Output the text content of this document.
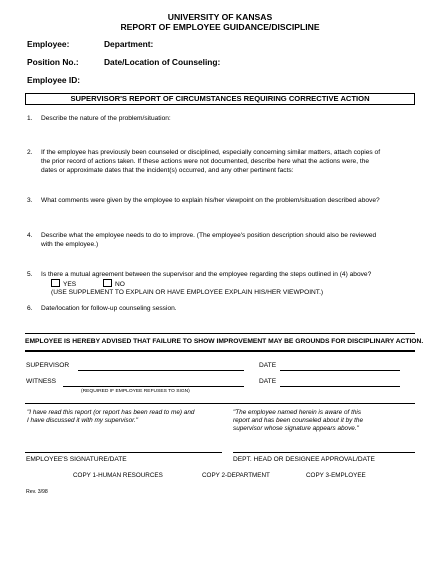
UNIVERSITY OF KANSAS
REPORT OF EMPLOYEE GUIDANCE/DISCIPLINE
Employee:	Department:
Position No.:	Date/Location of Counseling:
Employee ID:
SUPERVISOR'S REPORT OF CIRCUMSTANCES REQUIRING CORRECTIVE ACTION
1. Describe the nature of the problem/situation:
2. If the employee has previously been counseled or disciplined, especially concerning similar matters, attach copies of
the prior record of actions taken. If these actions were not documented, describe here what the actions were, the
dates or approximate dates that the incident(s) occurred, and any other pertinent facts:
3. What comments were given by the employee to explain his/her viewpoint on the problem/situation described above?
4. Describe what the employee needs to do to improve. (The employee's position description should also be reviewed
with the employee.)
5. Is there a mutual agreement between the supervisor and the employee regarding the steps outlined in (4) above?
YES	NO
(USE SUPPLEMENT TO EXPLAIN OR HAVE EMPLOYEE EXPLAIN HIS/HER VIEWPOINT.)
6. Date/location for follow-up counseling session.
EMPLOYEE IS HEREBY ADVISED THAT FAILURE TO SHOW IMPROVEMENT MAY BE GROUNDS FOR DISCIPLINARY ACTION.
SUPERVISOR	DATE
WITNESS	DATE
(REQUIRED IF EMPLOYEE REFUSES TO SIGN)
"I have read this report (or report has been read to me) and
I have discussed it with my supervisor."
"The employee named herein is aware of this
report and has been counseled about it by the
supervisor whose signature appears above."
EMPLOYEE'S SIGNATURE/DATE	DEPT. HEAD OR DESIGNEE APPROVAL/DATE
COPY 1-HUMAN RESOURCES	COPY 2-DEPARTMENT	COPY 3-EMPLOYEE
Rev. 3/98
